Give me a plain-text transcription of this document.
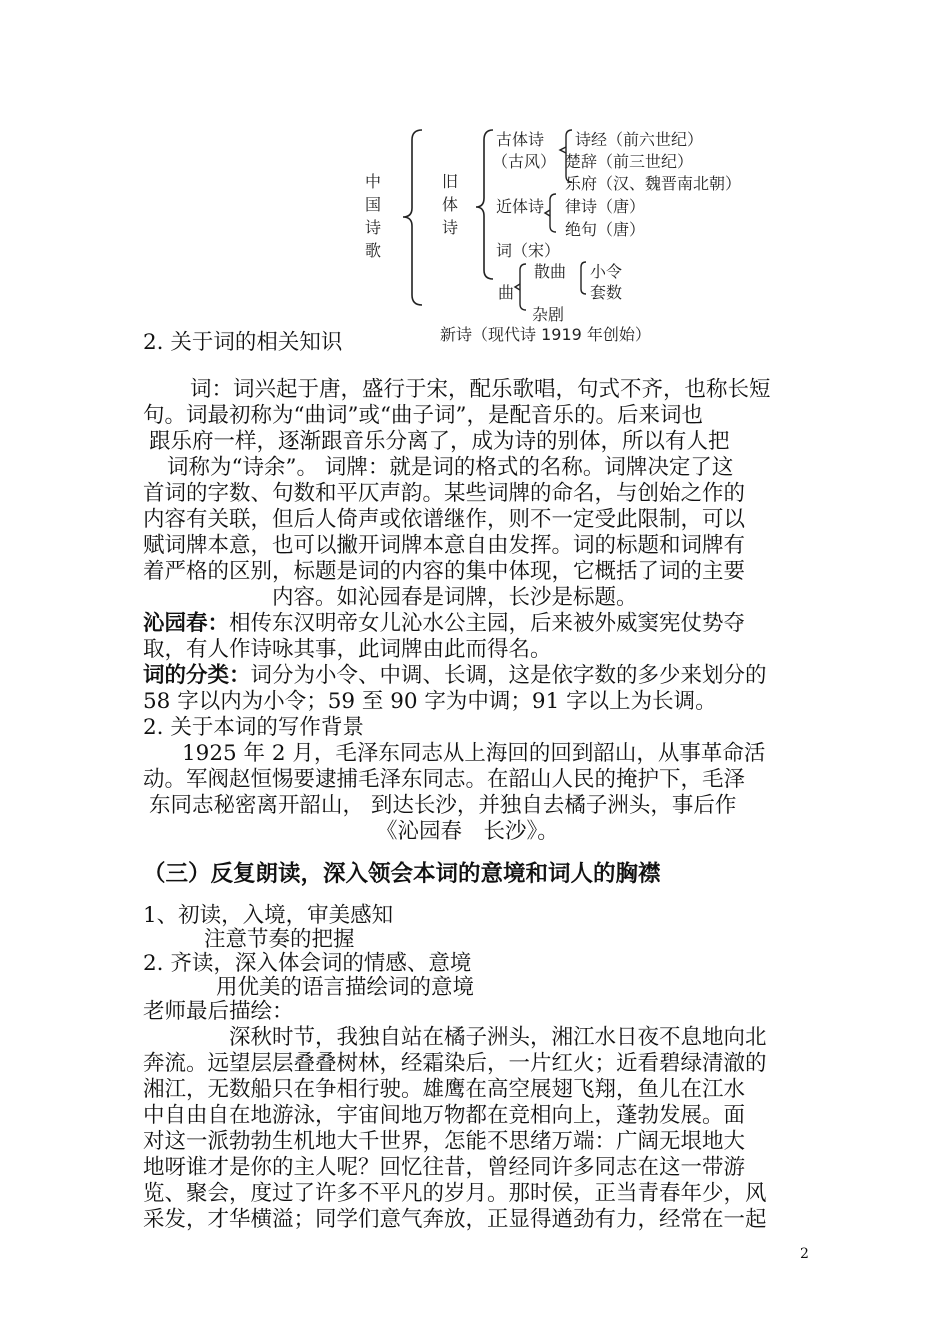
中国诗歌
旧体诗
古体诗
（古风）
诗经（前六世纪）
楚辞（前三世纪）
乐府（汉、魏晋南北朝）
近体诗 律诗（唐）
绝句（唐）
词（宋）
曲
散曲 小令
套数
杂剧
新诗（现代诗 1919 年创始）
2. 关于词的相关知识
词：词兴起于唐，盛行于宋，配乐歌唱，句式不齐，也称长短
句。词最初称为“曲词”或“曲子词”，是配音乐的。后来词也
跟乐府一样，逐渐跟音乐分离了，成为诗的别体，所以有人把
词称为“诗余”。 词牌：就是词的格式的名称。词牌决定了这
首词的字数、句数和平仄声韵。某些词牌的命名，与创始之作的
内容有关联，但后人倚声或依谱继作，则不一定受此限制，可以
赋词牌本意，也可以撇开词牌本意自由发挥。词的标题和词牌有
着严格的区别，标题是词的内容的集中体现，它概括了词的主要
内容。如沁园春是词牌，长沙是标题。
沁园春：相传东汉明帝女儿沁水公主园，后来被外威窦宪仗势夺
取，有人作诗咏其事，此词牌由此而得名。
词的分类：词分为小令、中调、长调，这是依字数的多少来划分的
58 字以内为小令；59 至 90 字为中调；91 字以上为长调。
2. 关于本词的写作背景
1925 年 2 月，毛泽东同志从上海回的回到韶山，从事革命活
动。军阀赵恒惕要逮捕毛泽东同志。在韶山人民的掩护下，毛泽
东同志秘密离开韶山， 到达长沙，并独自去橘子洲头，事后作
《沁园春　长沙》。
（三）反复朗读，深入领会本词的意境和词人的胸襟
1、初读，入境，审美感知
注意节奏的把握
2. 齐读，深入体会词的情感、意境
用优美的语言描绘词的意境
老师最后描绘：
深秋时节，我独自站在橘子洲头，湘江水日夜不息地向北
奔流。远望层层叠叠树林，经霜染后，一片红火；近看碧绿清澈的
湘江，无数船只在争相行驶。雄鹰在高空展翅飞翔，鱼儿在江水
中自由自在地游泳，宇宙间地万物都在竞相向上，蓬勃发展。面
对这一派勃勃生机地大千世界，怎能不思绪万端：广阔无垠地大
地呀谁才是你的主人呢？回忆往昔，曾经同许多同志在这一带游
览、聚会，度过了许多不平凡的岁月。那时侯，正当青春年少，风
采发，才华横溢；同学们意气奔放，正显得遒劲有力，经常在一起
2
